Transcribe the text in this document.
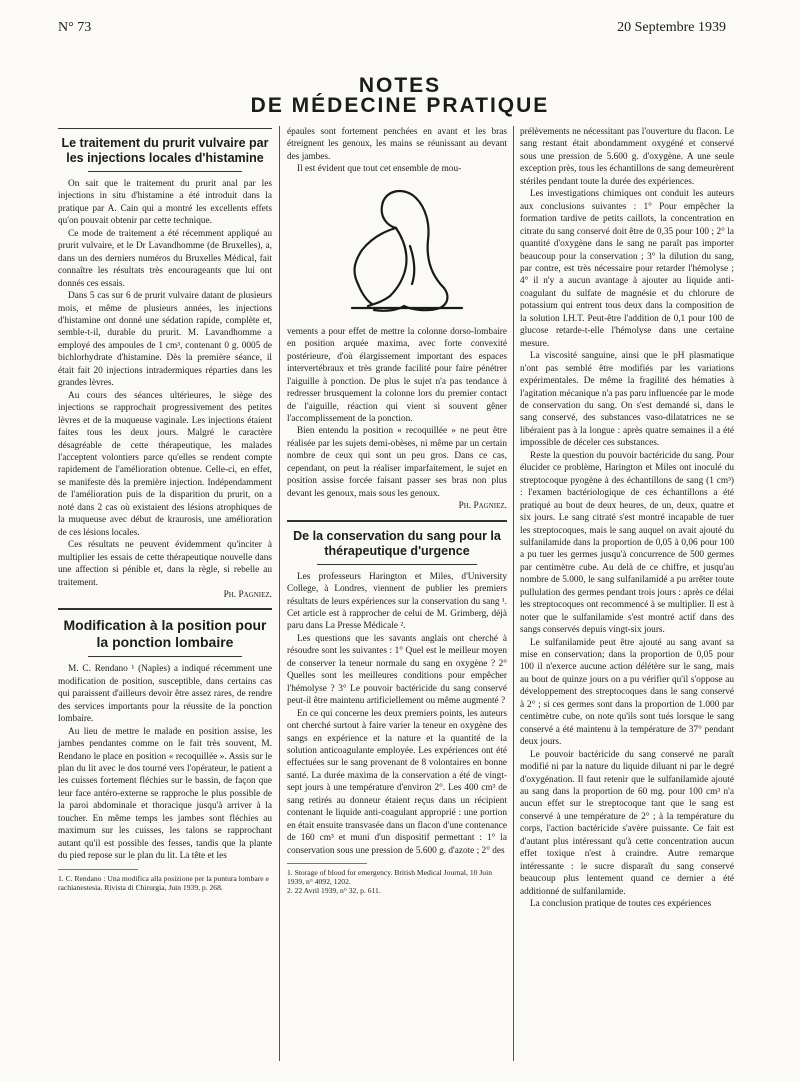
N° 73	20 Septembre 1939
NOTES
DE MÉDECINE PRATIQUE
Le traitement du prurit vulvaire par les injections locales d'histamine

On sait que le traitement du prurit anal par les injections in situ d'histamine a été introduit dans la pratique par A. Cain qui a montré les excellents effets qu'on pouvait obtenir par cette technique.

Ce mode de traitement a été récemment appliqué au prurit vulvaire, et le Dr Lavandhomme (de Bruxelles), a, dans un des derniers numéros du Bruxelles Médical, fait connaître les résultats très encourageants que lui ont donnés ces essais.

Dans 5 cas sur 6 de prurit vulvaire datant de plusieurs mois, et même de plusieurs années, les injections d'histamine ont donné une sédation rapide, complète et, semble-t-il, durable du prurit. M. Lavandhomme a employé des ampoules de 1 cm³, contenant 0 g. 0005 de bichlorhydrate d'histamine. Dès la première séance, il était fait 20 injections intradermiques réparties dans les grandes lèvres.

Au cours des séances ultérieures, le siège des injections se rapprochait progressivement des petites lèvres et de la muqueuse vaginale. Les injections étaient faites tous les deux jours. Malgré le caractère désagréable de cette thérapeutique, les malades l'acceptent volontiers parce qu'elles se rendent compte rapidement de l'amélioration obtenue. Celle-ci, en effet, se manifeste dès la première injection. Indépendamment de l'amélioration puis de la disparition du prurit, on a noté dans 2 cas où existaient des lésions atrophiques de la muqueuse avec début de kraurosis, une amélioration de ces lésions locales.

Ces résultats ne peuvent évidemment qu'inciter à multiplier les essais de cette thérapeutique nouvelle dans une affection si pénible et, dans la règle, si rebelle au traitement.

Ph. Pagniez.

Modification à la position pour la ponction lombaire

M. C. Rendano ¹ (Naples) a indiqué récemment une modification de position, susceptible, dans certains cas qui paraissent d'ailleurs devoir être assez rares, de rendre des services importants pour la réussite de la ponction lombaire.

Au lieu de mettre le malade en position assise, les jambes pendantes comme on le fait très souvent, M. Rendano le place en position « recoquillée ». Assis sur le plan du lit avec le dos tourné vers l'opérateur, le patient a les cuisses fortement fléchies sur le bassin, de façon que leur face antéro-externe se rapproche le plus possible de la paroi abdominale et thoracique jusqu'à arriver à la toucher. En même temps les jambes sont fléchies au maximum sur les cuisses, les talons se rapprochant autant qu'il est possible des fesses, tandis que la plante du pied repose sur le plan du lit. La tête et les

1. C. Rendano : Una modifica alla posizione per la puntura lombare e rachianestesia. Rivista di Chirurgia, Juin 1939, p. 268.

épaules sont fortement penchées en avant et les bras étreignent les genoux, les mains se réunissant au devant des jambes.

Il est évident que tout cet ensemble de mou-

vements a pour effet de mettre la colonne dorso-lombaire en position arquée maxima, avec forte convexité postérieure, d'où élargissement important des espaces intervertébraux et très grande facilité pour faire pénétrer l'aiguille à ponction. De plus le sujet n'a pas tendance à redresser brusquement la colonne lors du premier contact de l'aiguille, réaction qui vient si souvent gêner l'accomplissement de la ponction.

Bien entendu la position « recoquillée » ne peut être réalisée par les sujets demi-obèses, ni même par un certain nombre de ceux qui sont un peu gros. Dans ce cas, cependant, on peut la réaliser imparfaitement, le sujet en position assise forcée faisant passer ses bras non plus devant les genoux, mais sous les genoux.

Ph. Pagniez.

De la conservation du sang pour la thérapeutique d'urgence

Les professeurs Harington et Miles, d'University College, à Londres, viennent de publier les premiers résultats de leurs expériences sur la conservation du sang ¹. Cet article est à rapprocher de celui de M. Grimberg, déjà paru dans La Presse Médicale ².

Les questions que les savants anglais ont cherché à résoudre sont les suivantes : 1° Quel est le meilleur moyen de conserver la teneur normale du sang en oxygène ? 2° Quelles sont les meilleures conditions pour empêcher l'hémolyse ? 3° Le pouvoir bactéricide du sang conservé peut-il être maintenu artificiellement ou même augmenté ?

En ce qui concerne les deux premiers points, les auteurs ont cherché surtout à faire varier la teneur en oxygène des sangs en expérience et la nature et la quantité de la solution anticoagulante employée. Les expériences ont été effectuées sur le sang provenant de 8 volontaires en bonne santé. La durée maxima de la conservation a été de vingt-sept jours à une température d'environ 2°. Les 400 cm³ de sang retirés au donneur étaient reçus dans un récipient contenant le liquide anti-coagulant approprié : une portion en était ensuite transvasée dans un flacon d'une contenance de 160 cm³ et muni d'un dispositif permettant : 1° la conservation sous une pression de 5.600 g. d'azote ; 2° des

1. Storage of blood for emergency. British Medical Journal, 10 Juin 1939, n° 4092, 1202.

2. 22 Avril 1939, n° 32, p. 611.

prélèvements ne nécessitant pas l'ouverture du flacon. Le sang restant était abondamment oxygéné et conservé sous une pression de 5.600 g. d'oxygène. A une seule exception près, tous les échantillons de sang demeurèrent stériles pendant toute la durée des expériences.

Les investigations chimiques ont conduit les auteurs aux conclusions suivantes : 1° Pour empêcher la formation tardive de petits caillots, la concentration en citrate du sang conservé doit être de 0,35 pour 100 ; 2° la quantité d'oxygène dans le sang ne paraît pas importer beaucoup pour la conservation ; 3° la dilution du sang, par contre, est très nécessaire pour retarder l'hémolyse ; 4° il n'y a aucun avantage à ajouter au liquide anti-coagulant du sulfate de magnésie et du chlorure de potassium qui entrent tous deux dans la composition de la solution I.H.T. Peut-être l'addition de 0,1 pour 100 de glucose retarde-t-elle l'hémolyse dans une certaine mesure.

La viscosité sanguine, ainsi que le pH plasmatique n'ont pas semblé être modifiés par les variations expérimentales. De même la fragilité des hématies à l'agitation mécanique n'a pas paru influencée par le mode de conservation du sang. On s'est demandé si, dans le sang conservé, des substances vaso-dilatatrices ne se libéraient pas à la longue : après quatre semaines il a été impossible de déceler ces substances.

Reste la question du pouvoir bactéricide du sang. Pour élucider ce problème, Harington et Miles ont inoculé du streptocoque pyogène à des échantillons de sang (1 cm³) : l'examen bactériologique de ces échantillons a été pratiqué au bout de deux heures, de un, deux, quatre et six jours. Le sang citraté s'est montré incapable de tuer les streptocoques, mais le sang auquel on avait ajouté du sulfanilamide dans la proportion de 0,05 à 0,06 pour 100 a pu tuer les germes jusqu'à concurrence de 500 germes par centimètre cube. Au delà de ce chiffre, et jusqu'au nombre de 5.000, le sang sulfanilamidé a pu arrêter toute pullulation des germes pendant trois jours : après ce délai les streptocoques ont recommencé à se multiplier. Il est à noter que le sulfanilamide s'est montré actif dans des sangs conservés depuis vingt-six jours.

Le sulfanilamide peut être ajouté au sang avant sa mise en conservation; dans la proportion de 0,05 pour 100 il n'exerce aucune action délétère sur le sang, mais au bout de quinze jours on a pu vérifier qu'il s'oppose au développement des streptocoques dans le sang conservé à 2° ; si ces germes sont dans la proportion de 1.000 par centimètre cube, on note qu'ils sont tués lorsque le sang conservé a été maintenu à la température de 37° pendant deux jours.

Le pouvoir bactéricide du sang conservé ne paraît modifié ni par la nature du liquide diluant ni par le degré d'oxygénation. Il faut retenir que le sulfanilamide ajouté au sang dans la proportion de 60 mg. pour 100 cm³ n'a aucun effet sur le streptocoque tant que le sang est conservé à une température de 2° ; à la température du corps, l'action bactéricide s'avère puissante. Ce fait est d'autant plus intéressant qu'à cette concentration aucun effet toxique n'est à craindre. Autre remarque intéressante : le sucre disparaît du sang conservé beaucoup plus lentement quand ce dernier a été additionné de sulfanilamide.

La conclusion pratique de toutes ces expériences
